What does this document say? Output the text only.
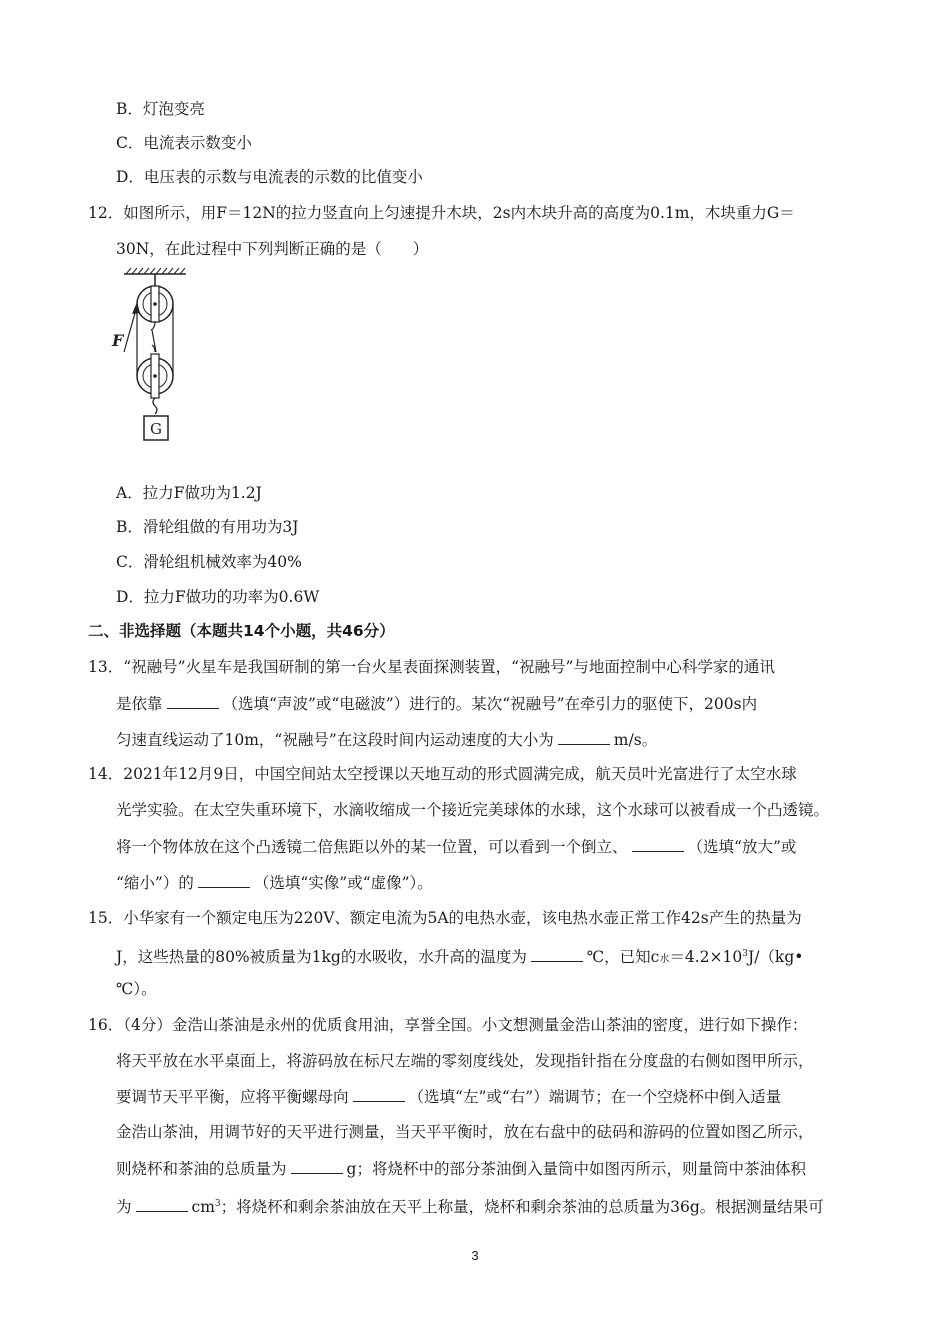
B．灯泡变亮
C．电流表示数变小
D．电压表的示数与电流表的示数的比值变小
12．如图所示，用F＝12N的拉力竖直向上匀速提升木块，2s内木块升高的高度为0.1m，木块重力G＝
30N，在此过程中下列判断正确的是（　　）
F
G
A．拉力F做功为1.2J
B．滑轮组做的有用功为3J
C．滑轮组机械效率为40%
D．拉力F做功的功率为0.6W
二、非选择题（本题共14个小题，共46分）
13．“祝融号”火星车是我国研制的第一台火星表面探测装置，“祝融号”与地面控制中心科学家的通讯
是依靠	（选填“声波”或“电磁波”）进行的。某次“祝融号”在牵引力的驱使下，200s内
匀速直线运动了10m，“祝融号”在这段时间内运动速度的大小为	m/s。
14．2021年12月9日，中国空间站太空授课以天地互动的形式圆满完成，航天员叶光富进行了太空水球
光学实验。在太空失重环境下，水滴收缩成一个接近完美球体的水球，这个水球可以被看成一个凸透镜。
将一个物体放在这个凸透镜二倍焦距以外的某一位置，可以看到一个倒立、	（选填“放大”或
“缩小”）的	（选填“实像”或“虚像”）。
15．小华家有一个额定电压为220V、额定电流为5A的电热水壶，该电热水壶正常工作42s产生的热量为
J，这些热量的80%被质量为1kg的水吸收，水升高的温度为	℃，已知c水$=4.2\times 10^3J/(kg•$
℃）。
16．（4分）金浩山茶油是永州的优质食用油，享誉全国。小文想测量金浩山茶油的密度，进行如下操作：
将天平放在水平桌面上，将游码放在标尺左端的零刻度线处，发现指针指在分度盘的右侧如图甲所示，
要调节天平平衡，应将平衡螺母向	（选填“左”或“右”）端调节；在一个空烧杯中倒入适量
金浩山茶油，用调节好的天平进行测量，当天平平衡时，放在右盘中的砝码和游码的位置如图乙所示，
则烧杯和茶油的总质量为	g；将烧杯中的部分茶油倒入量筒中如图丙所示，则量筒中茶油体积
为	$cm^3$；将烧杯和剩余茶油放在天平上称量，烧杯和剩余茶油的总质量为36g。根据测量结果可
3
